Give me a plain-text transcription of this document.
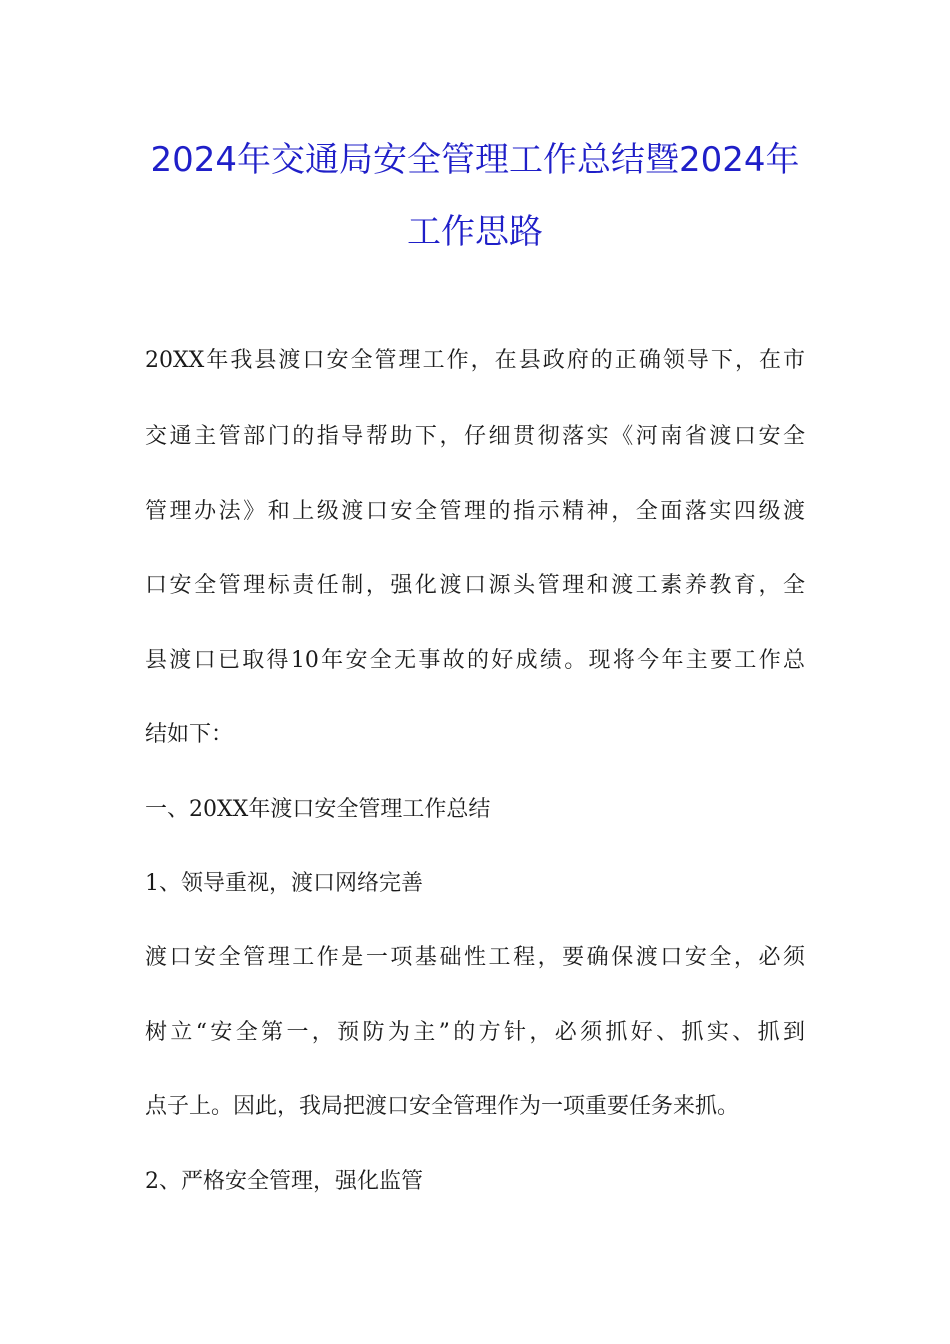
2024年交通局安全管理工作总结暨2024年
工作思路
20XX年我县渡口安全管理工作，在县政府的正确领导下，在市
交通主管部门的指导帮助下，仔细贯彻落实《河南省渡口安全
管理办法》和上级渡口安全管理的指示精神，全面落实四级渡
口安全管理标责任制，强化渡口源头管理和渡工素养教育，全
县渡口已取得10年安全无事故的好成绩。现将今年主要工作总
结如下：
一、20XX年渡口安全管理工作总结
1、领导重视，渡口网络完善
渡口安全管理工作是一项基础性工程，要确保渡口安全，必须
树立“安全第一，预防为主”的方针，必须抓好、抓实、抓到
点子上。因此，我局把渡口安全管理作为一项重要任务来抓。
2、严格安全管理，强化监管
